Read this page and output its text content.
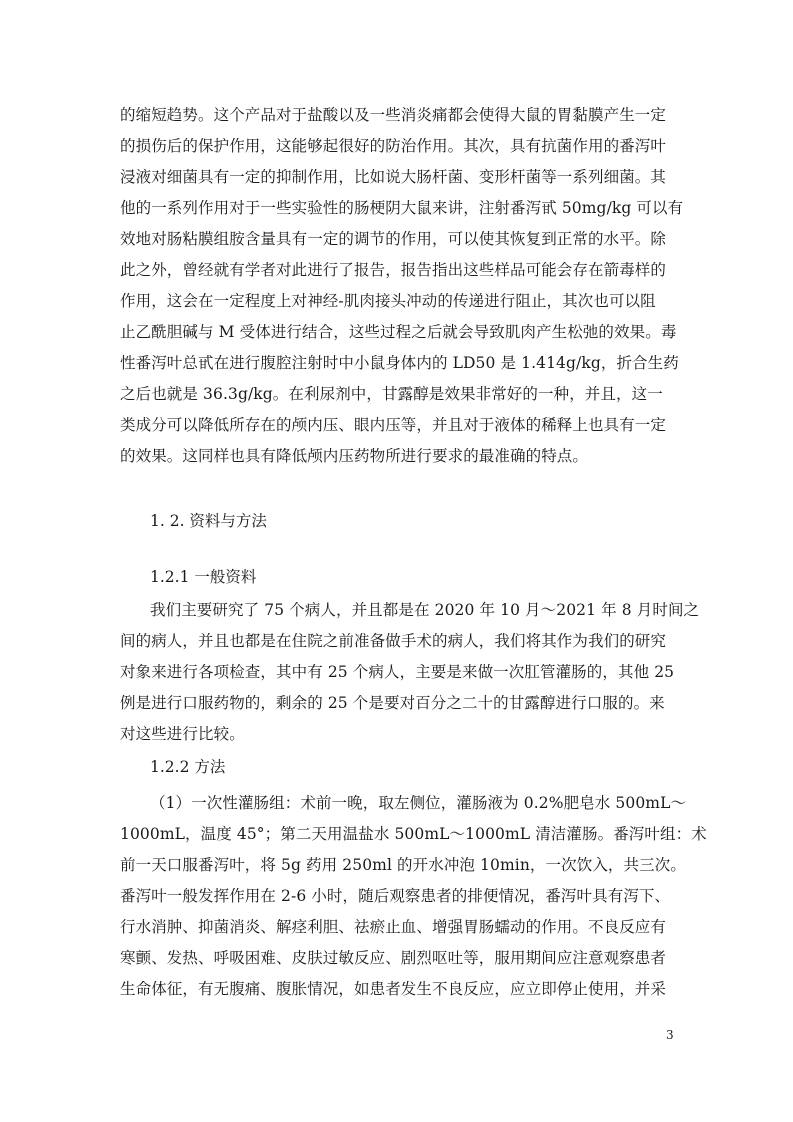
的缩短趋势。这个产品对于盐酸以及一些消炎痛都会使得大鼠的胃黏膜产生一定
的损伤后的保护作用，这能够起很好的防治作用。其次，具有抗菌作用的番泻叶
浸液对细菌具有一定的抑制作用，比如说大肠杆菌、变形杆菌等一系列细菌。其
他的一系列作用对于一些实验性的肠梗阴大鼠来讲，注射番泻甙 50mg/kg 可以有
效地对肠粘膜组胺含量具有一定的调节的作用，可以使其恢复到正常的水平。除
此之外，曾经就有学者对此进行了报告，报告指出这些样品可能会存在箭毒样的
作用，这会在一定程度上对神经-肌肉接头冲动的传递进行阻止，其次也可以阻
止乙酰胆碱与 M 受体进行结合，这些过程之后就会导致肌肉产生松弛的效果。毒
性番泻叶总甙在进行腹腔注射时中小鼠身体内的 LD50 是 1.414g/kg，折合生药
之后也就是 36.3g/kg。在利尿剂中，甘露醇是效果非常好的一种，并且，这一
类成分可以降低所存在的颅内压、眼内压等，并且对于液体的稀释上也具有一定
的效果。这同样也具有降低颅内压药物所进行要求的最准确的特点。
1. 2. 资料与方法
1.2.1 一般资料
我们主要研究了 75 个病人，并且都是在 2020 年 10 月～2021 年 8 月时间之
间的病人，并且也都是在住院之前准备做手术的病人，我们将其作为我们的研究
对象来进行各项检查，其中有 25 个病人，主要是来做一次肛管灌肠的，其他 25
例是进行口服药物的，剩余的 25 个是要对百分之二十的甘露醇进行口服的。来
对这些进行比较。
1.2.2 方法
（1）一次性灌肠组：术前一晚，取左侧位，灌肠液为 0.2%肥皂水 500mL～
1000mL，温度 45°；第二天用温盐水 500mL～1000mL 清洁灌肠。番泻叶组：术
前一天口服番泻叶，将 5g 药用 250ml 的开水冲泡 10min，一次饮入，共三次。
番泻叶一般发挥作用在 2-6 小时，随后观察患者的排便情况，番泻叶具有泻下、
行水消肿、抑菌消炎、解痉利胆、祛瘀止血、增强胃肠蠕动的作用。不良反应有
寒颤、发热、呼吸困难、皮肤过敏反应、剧烈呕吐等，服用期间应注意观察患者
生命体征，有无腹痛、腹胀情况，如患者发生不良反应，应立即停止使用，并采
3
